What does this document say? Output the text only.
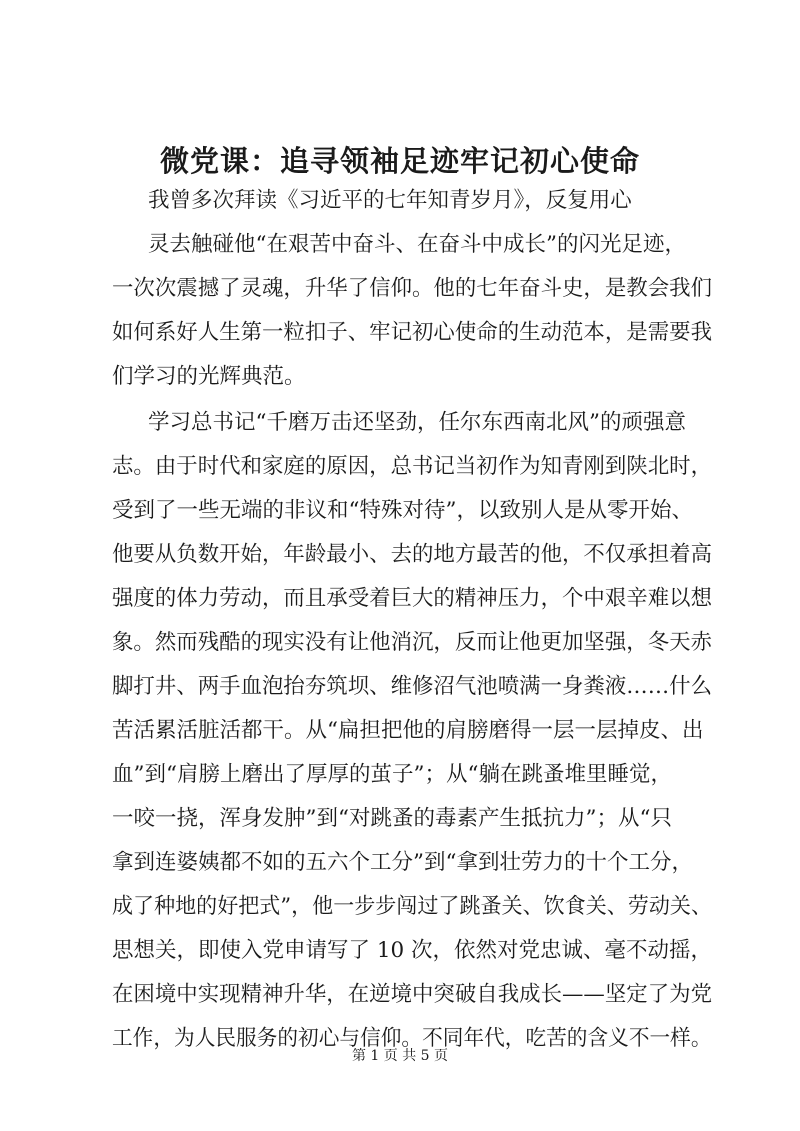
微党课：追寻领袖足迹牢记初心使命
我曾多次拜读《习近平的七年知青岁月》，反复用心
灵去触碰他“在艰苦中奋斗、在奋斗中成长”的闪光足迹，
一次次震撼了灵魂，升华了信仰。他的七年奋斗史，是教会我们
如何系好人生第一粒扣子、牢记初心使命的生动范本，是需要我
们学习的光辉典范。
学习总书记“千磨万击还坚劲，任尔东西南北风”的顽强意
志。由于时代和家庭的原因，总书记当初作为知青刚到陕北时，
受到了一些无端的非议和“特殊对待”，以致别人是从零开始、
他要从负数开始，年龄最小、去的地方最苦的他，不仅承担着高
强度的体力劳动，而且承受着巨大的精神压力，个中艰辛难以想
象。然而残酷的现实没有让他消沉，反而让他更加坚强，冬天赤
脚打井、两手血泡抬夯筑坝、维修沼气池喷满一身粪液……什么
苦活累活脏活都干。从“扁担把他的肩膀磨得一层一层掉皮、出
血”到“肩膀上磨出了厚厚的茧子”；从“躺在跳蚤堆里睡觉，
一咬一挠，浑身发肿”到“对跳蚤的毒素产生抵抗力”；从“只
拿到连婆姨都不如的五六个工分”到“拿到壮劳力的十个工分，
成了种地的好把式”，他一步步闯过了跳蚤关、饮食关、劳动关、
思想关，即使入党申请写了 10 次，依然对党忠诚、毫不动摇，
在困境中实现精神升华，在逆境中突破自我成长——坚定了为党
工作，为人民服务的初心与信仰。不同年代，吃苦的含义不一样。
第 1 页 共 5 页
